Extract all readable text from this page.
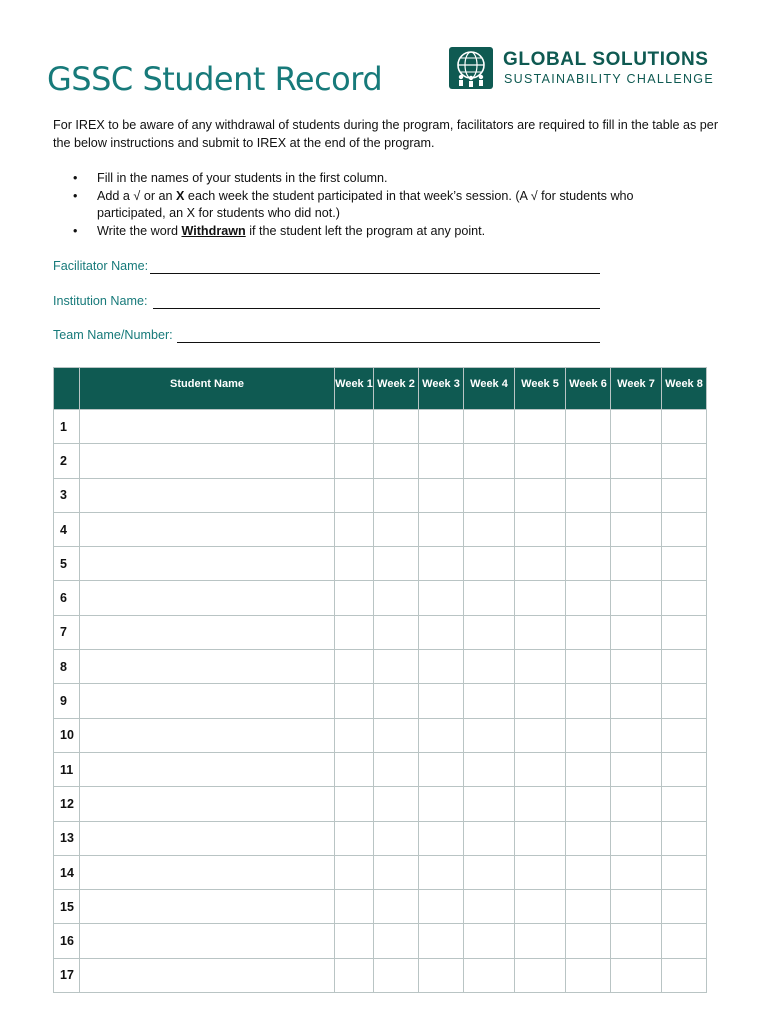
GSSC Student Record
GLOBAL SOLUTIONS
SUSTAINABILITY CHALLENGE

For IREX to be aware of any withdrawal of students during the program, facilitators are required to fill in the table as per the below instructions and submit to IREX at the end of the program.

• Fill in the names of your students in the first column.
• Add a √ or an X each week the student participated in that week’s session. (A √ for students who participated, an X for students who did not.)
• Write the word Withdrawn if the student left the program at any point.
Facilitator Name:
Institution Name:
Team Name/Number:
	Student Name	Week 1	Week 2	Week 3	Week 4	Week 5	Week 6	Week 7	Week 8
1									
2									
3									
4									
5									
6									
7									
8									
9									
10									
11									
12									
13									
14									
15									
16									
17									
